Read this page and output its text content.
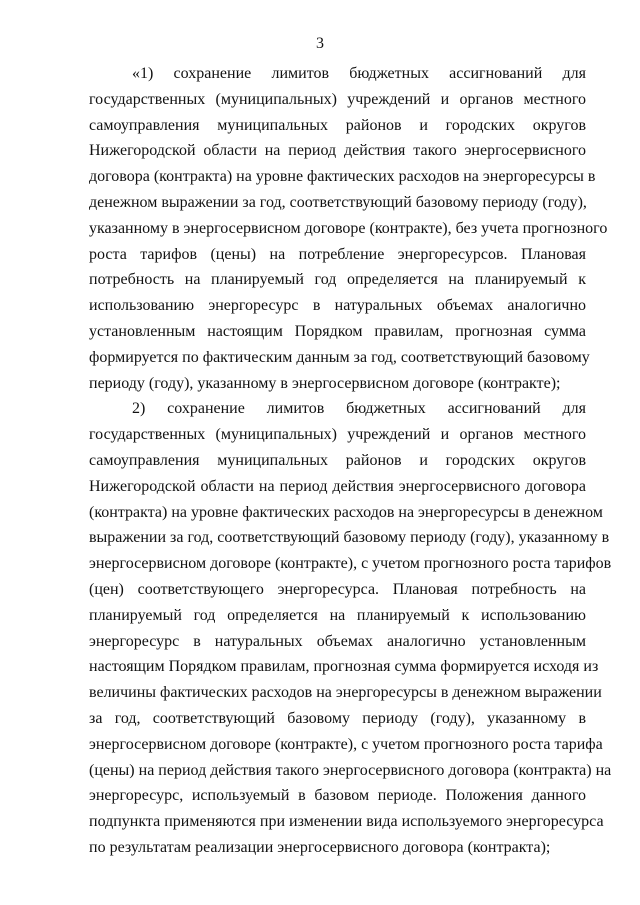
3

«1) сохранение лимитов бюджетных ассигнований для
государственных (муниципальных) учреждений и органов местного
самоуправления муниципальных районов и городских округов
Нижегородской области на период действия такого энергосервисного
договора (контракта) на уровне фактических расходов на энергоресурсы в
денежном выражении за год, соответствующий базовому периоду (году),
указанному в энергосервисном договоре (контракте), без учета прогнозного
роста тарифов (цены) на потребление энергоресурсов. Плановая
потребность на планируемый год определяется на планируемый к
использованию энергоресурс в натуральных объемах аналогично
установленным настоящим Порядком правилам, прогнозная сумма
формируется по фактическим данным за год, соответствующий базовому
периоду (году), указанному в энергосервисном договоре (контракте);

2) сохранение лимитов бюджетных ассигнований для
государственных (муниципальных) учреждений и органов местного
самоуправления муниципальных районов и городских округов
Нижегородской области на период действия энергосервисного договора
(контракта) на уровне фактических расходов на энергоресурсы в денежном
выражении за год, соответствующий базовому периоду (году), указанному в
энергосервисном договоре (контракте), с учетом прогнозного роста тарифов
(цен) соответствующего энергоресурса. Плановая потребность на
планируемый год определяется на планируемый к использованию
энергоресурс в натуральных объемах аналогично установленным
настоящим Порядком правилам, прогнозная сумма формируется исходя из
величины фактических расходов на энергоресурсы в денежном выражении
за год, соответствующий базовому периоду (году), указанному в
энергосервисном договоре (контракте), с учетом прогнозного роста тарифа
(цены) на период действия такого энергосервисного договора (контракта) на
энергоресурс, используемый в базовом периоде. Положения данного
подпункта применяются при изменении вида используемого энергоресурса
по результатам реализации энергосервисного договора (контракта);
